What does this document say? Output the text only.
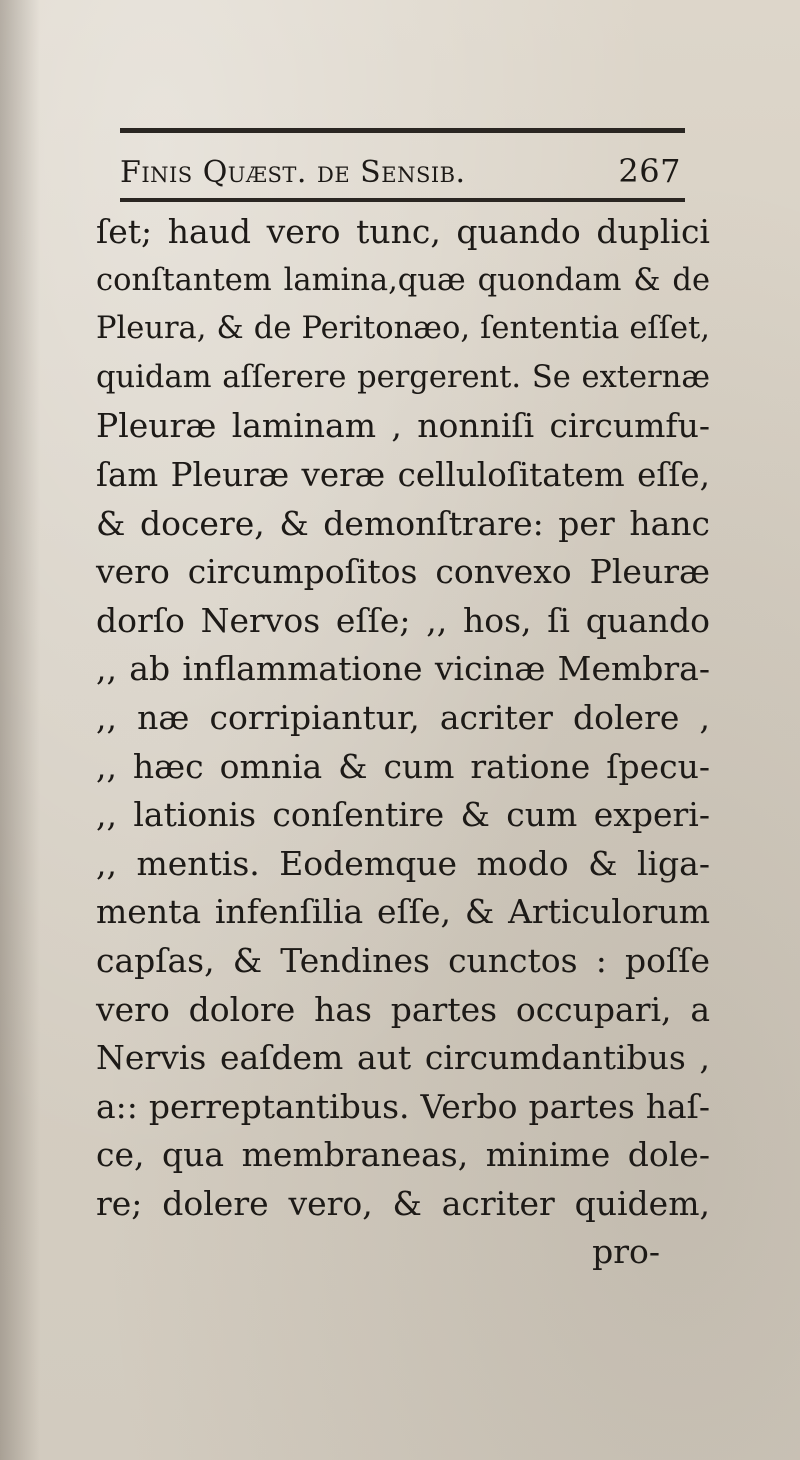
Finis Quæst. de Sensib.	267
ſet; haud vero tunc, quando duplici
conſtantem lamina,quæ quondam & de
Pleura, & de Peritonæo, ſententia eſſet,
quidam aſſerere pergerent. Se externæ
Pleuræ laminam , nonniſi circumfu-
ſam Pleuræ veræ celluloſitatem eſſe,
& docere, & demonſtrare: per hanc
vero circumpoſitos convexo Pleuræ
dorſo Nervos eſſe; ,, hos, ſi quando
,, ab inflammatione vicinæ Membra-
,, næ corripiantur, acriter dolere ,
,, hæc omnia & cum ratione ſpecu-
,, lationis conſentire & cum experi-
,, mentis. Eodemque modo & liga-
menta infenſilia eſſe, & Articulorum
capſas, & Tendines cunctos : poſſe
vero dolore has partes occupari, a
Nervis eaſdem aut circumdantibus ,
a:: perreptantibus. Verbo partes haſ-
ce, qua membraneas, minime dole-
re; dolere vero, & acriter quidem,
pro-
